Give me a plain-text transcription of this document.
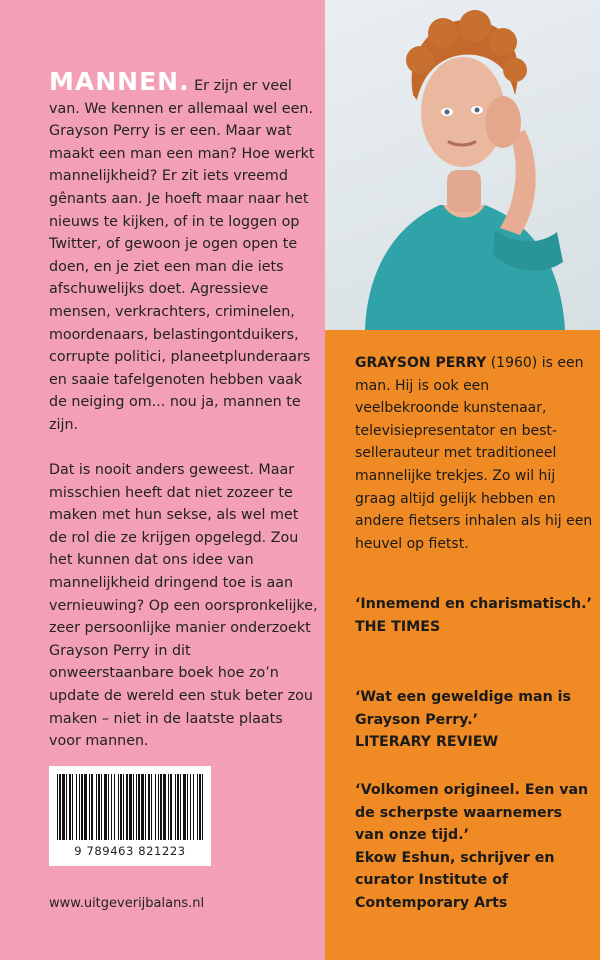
MANNEN. Er zijn er veel van. We kennen er allemaal wel een. Grayson Perry is er een. Maar wat maakt een man een man? Hoe werkt mannelijkheid? Er zit iets vreemd gênants aan. Je hoeft maar naar het nieuws te kijken, of in te loggen op Twitter, of gewoon je ogen open te doen, en je ziet een man die iets afschuwelijks doet. Agressieve mensen, verkrachters, criminelen, moordenaars, belastingontduikers, corrupte politici, planeetplunderaars en saaie tafelgenoten hebben vaak de neiging om... nou ja, mannen te zijn.

Dat is nooit anders geweest. Maar misschien heeft dat niet zozeer te maken met hun sekse, als wel met de rol die ze krijgen opgelegd. Zou het kunnen dat ons idee van mannelijkheid dringend toe is aan vernieuwing? Op een oorspronkelijke, zeer persoonlijke manier onderzoekt Grayson Perry in dit onweerstaanbare boek hoe zo’n update de wereld een stuk beter zou maken – niet in de laatste plaats voor mannen.

9 789463 821223
www.uitgeverijbalans.nl

GRAYSON PERRY (1960) is een man. Hij is ook een veelbekroonde kunstenaar, televisiepresentator en best-sellerauteur met traditioneel mannelijke trekjes. Zo wil hij graag altijd gelijk hebben en andere fietsers inhalen als hij een heuvel op fietst.

‘Innemend en charismatisch.’
THE TIMES

‘Wat een geweldige man is Grayson Perry.’
LITERARY REVIEW

‘Volkomen origineel. Een van de scherpste waarnemers van onze tijd.’
Ekow Eshun, schrijver en curator Institute of Contemporary Arts
